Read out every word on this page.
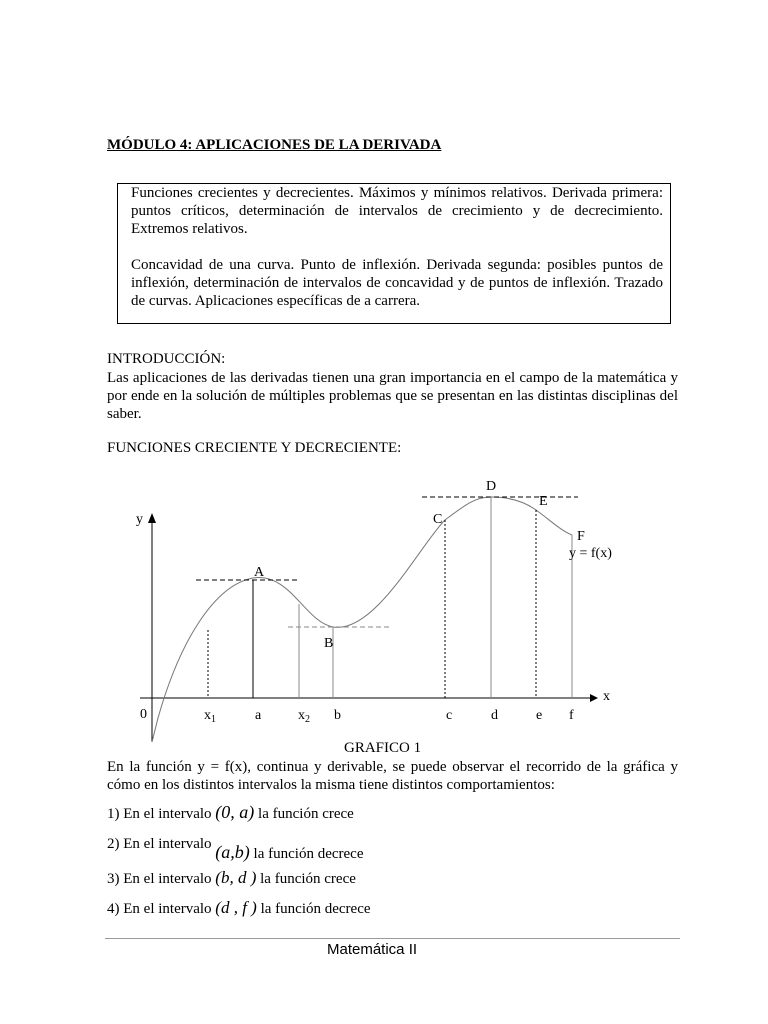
MÓDULO 4: APLICACIONES DE LA DERIVADA

Funciones crecientes y decrecientes. Máximos y mínimos relativos. Derivada primera: puntos críticos, determinación de intervalos de crecimiento y de decrecimiento. Extremos relativos.

Concavidad de una curva. Punto de inflexión. Derivada segunda: posibles puntos de inflexión, determinación de intervalos de concavidad y de puntos de inflexión. Trazado de curvas. Aplicaciones específicas de a carrera.

INTRODUCCIÓN:
Las aplicaciones de las derivadas tienen una gran importancia en el campo de la matemática y por ende en la solución de múltiples problemas que se presentan en las distintas disciplinas del saber.
FUNCIONES CRECIENTE Y DECRECIENTE:
y
x
0
A
B
C
D
E
F
y = f(x)
$x_1$	a	$x_2$ b	c	d	e f
GRAFICO 1
En la función y = f(x), continua y derivable, se puede observar el recorrido de la gráfica y cómo en los distintos intervalos la misma tiene distintos comportamientos:
1) En el intervalo (0, a) la función crece
2) En el intervalo (a,b) la función decrece
3) En el intervalo (b, d ) la función crece
4) En el intervalo (d , f ) la función decrece
Matemática II
